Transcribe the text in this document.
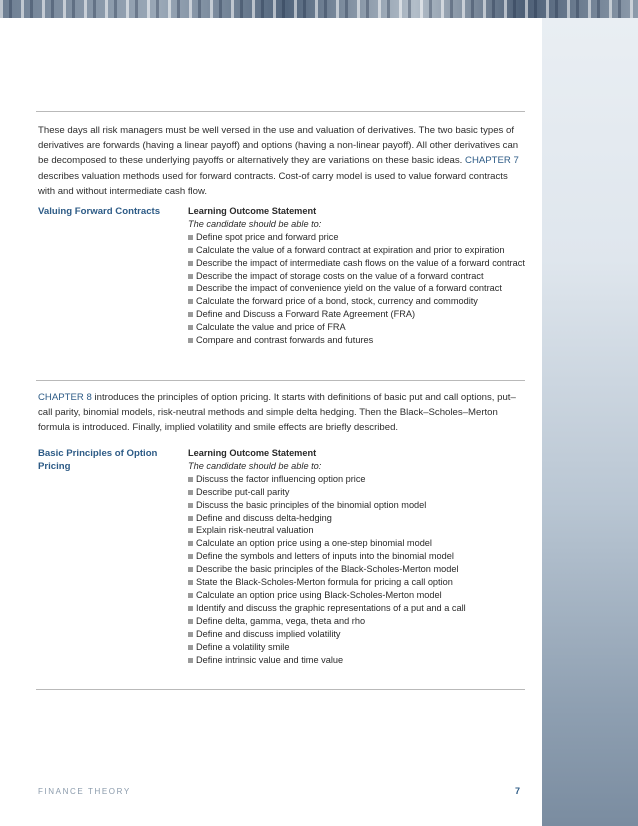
These days all risk managers must be well versed in the use and valuation of derivatives. The two basic types of derivatives are forwards (having a linear payoff) and options (having a non-linear payoff). All other derivatives can be decomposed to these underlying payoffs or alternatively they are variations on these basic ideas. CHAPTER 7 describes valuation methods used for forward contracts. Cost-of carry model is used to value forward contracts with and without intermediate cash flow.
Valuing Forward Contracts	Learning Outcome Statement
The candidate should be able to:
Define spot price and forward price
Calculate the value of a forward contract at expiration and prior to expiration
Describe the impact of intermediate cash flows on the value of a forward contract
Describe the impact of storage costs on the value of a forward contract
Describe the impact of convenience yield on the value of a forward contract
Calculate the forward price of a bond, stock, currency and commodity
Define and Discuss a Forward Rate Agreement (FRA)
Calculate the value and price of FRA
Compare and contrast forwards and futures
CHAPTER 8 introduces the principles of option pricing. It starts with definitions of basic put and call options, put–call parity, binomial models, risk-neutral methods and simple delta hedging. Then the Black–Scholes–Merton formula is introduced. Finally, implied volatility and smile effects are briefly described.
Basic Principles of Option Pricing
Learning Outcome Statement
The candidate should be able to:
Discuss the factor influencing option price
Describe put-call parity
Discuss the basic principles of the binomial option model
Define and discuss delta-hedging
Explain risk-neutral valuation
Calculate an option price using a one-step binomial model
Define the symbols and letters of inputs into the binomial model
Describe the basic principles of the Black-Scholes-Merton model
State the Black-Scholes-Merton formula for pricing a call option
Calculate an option price using Black-Scholes-Merton model
Identify and discuss the graphic representations of a put and a call
Define delta, gamma, vega, theta and rho
Define and discuss implied volatility
Define a volatility smile
Define intrinsic value and time value
FINANCE THEORY	7
